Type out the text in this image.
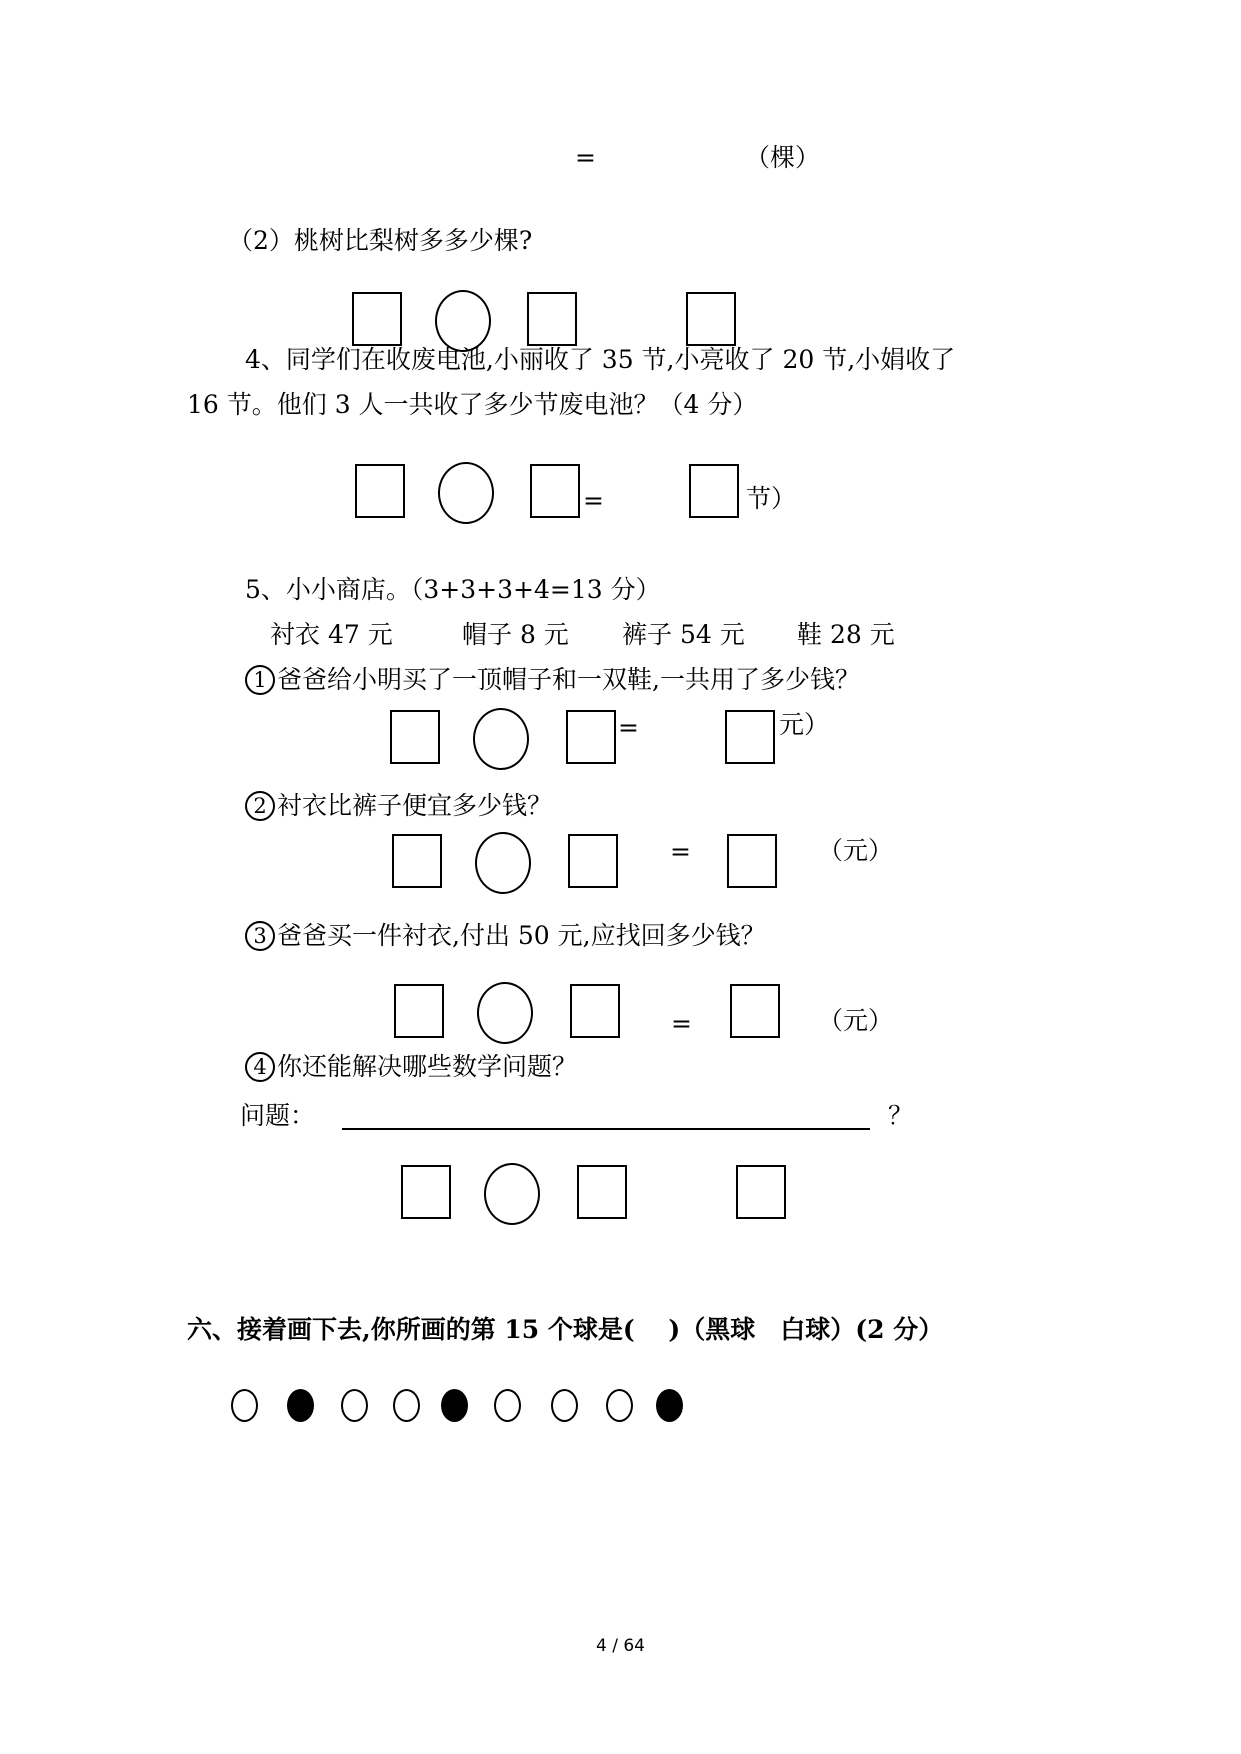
=	（棵）
（2）桃树比梨树多多少棵?
4、同学们在收废电池,小丽收了 35 节,小亮收了 20 节,小娟收了
16 节。他们 3 人一共收了多少节废电池？（4 分）
=	节）
5、小小商店。（3+3+3+4=13 分）
衬衣 47 元	帽子 8 元 裤子 54 元 鞋 28 元
1 爸爸给小明买了一顶帽子和一双鞋,一共用了多少钱？
=	元）
2 衬衣比裤子便宜多少钱？
=	（元）
3 爸爸买一件衬衣,付出 50 元,应找回多少钱？
=	（元）
4 你还能解决哪些数学问题？
问题：	？
六、接着画下去,你所画的第 15 个球是(　 )（黑球　白球）(2 分）
4 / 64
